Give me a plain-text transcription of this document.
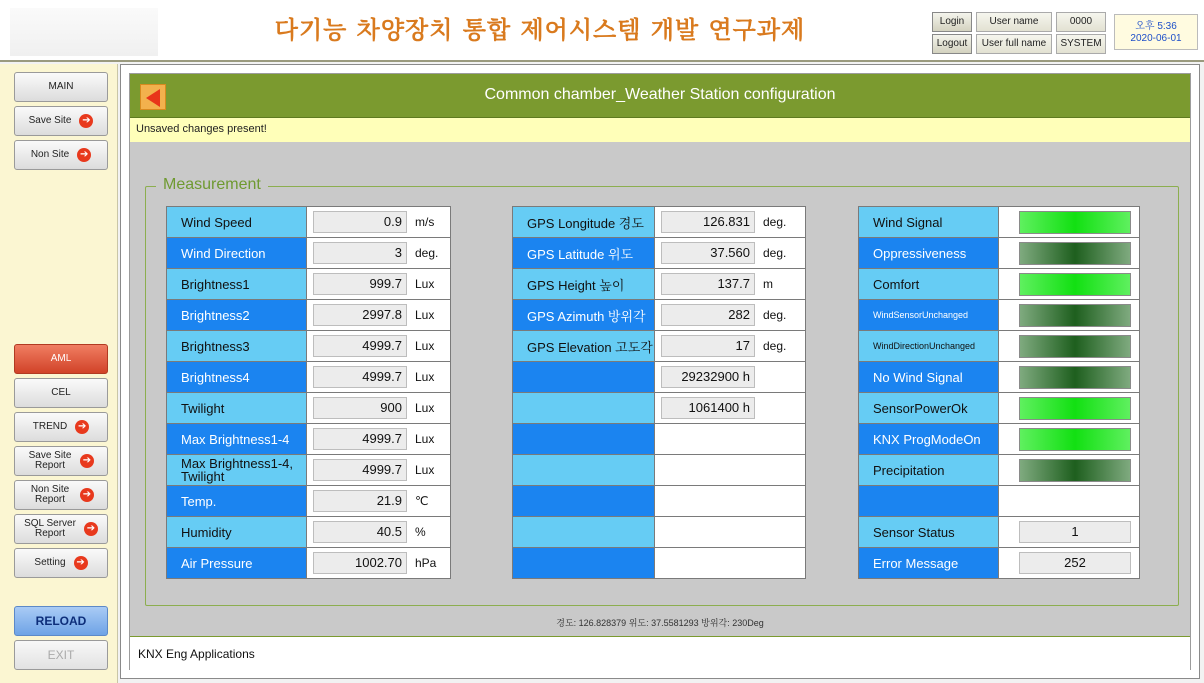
다기능 차양장치 통합 제어시스템 개발 연구과제	Login
Logout
User name
User full name
0000
SYSTEM
오후 5:36
2020-06-01
MAIN
Save Site ➔
Non Site ➔
AML
CEL
TREND ➔
Save Site Report	➔
Non Site Report	➔
SQL Server Report	➔
Setting ➔
RELOAD
EXIT
Common chamber_Weather Station configuration
Unsaved changes present!
Measurement
Wind Speed	0.9 m/s
Wind Direction	3 deg.
Brightness1	999.7 Lux
Brightness2	2997.8 Lux
Brightness3	4999.7 Lux
Brightness4	4999.7 Lux
Twilight	900 Lux
Max Brightness1-4	4999.7 Lux
Max Brightness1-4, Twilight	4999.7 Lux
Temp.	21.9 ℃
Humidity	40.5 %
Air Pressure	1002.70 hPa
GPS Longitude 경도	126.831 deg.
GPS Latitude 위도	37.560 deg.
GPS Height 높이	137.7 m
GPS Azimuth 방위각	282 deg.
GPS Elevation 고도각	17 deg.
	29232900 h
	1061400 h

Wind Signal	
Oppressiveness	
Comfort	
WindSensorUnchanged	
WindDirectionUnchanged	
No Wind Signal	
SensorPowerOk	
KNX ProgModeOn	
Precipitation	

Sensor Status	1
Error Message	252
경도: 126.828379 위도: 37.5581293 방위각: 230Deg
KNX Eng Applications
